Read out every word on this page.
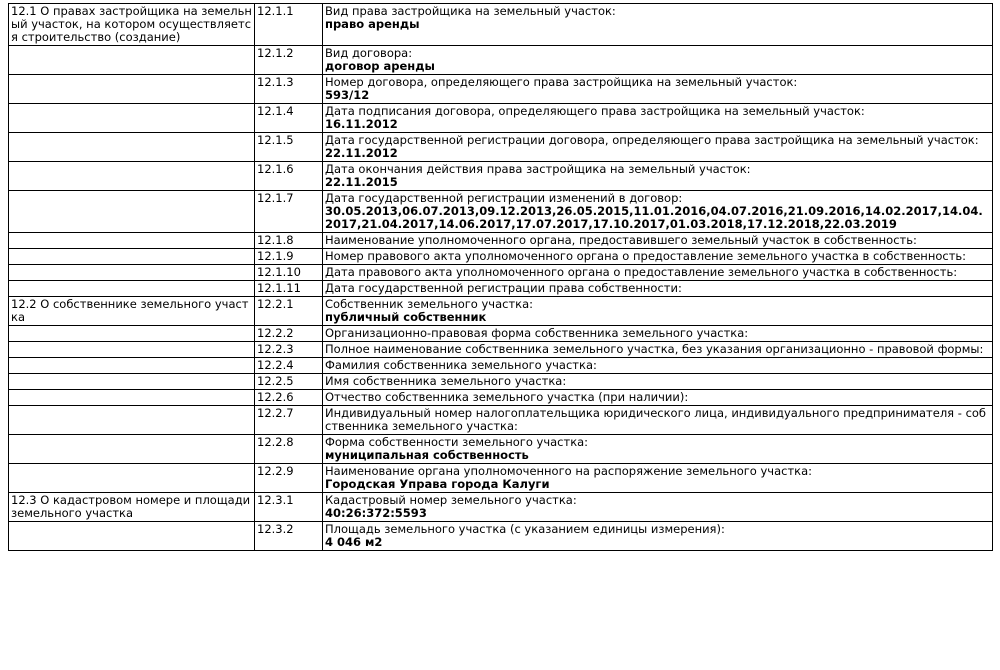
12.1 О правах застройщика на земельный участок, на котором осуществляется строительство (создание)	12.1.1	Вид права застройщика на земельный участок:
право аренды

	12.1.2	Вид договора:
договор аренды

	12.1.3	Номер договора, определяющего права застройщика на земельный участок:
593/12

	12.1.4	Дата подписания договора, определяющего права застройщика на земельный участок:
16.11.2012

	12.1.5	Дата государственной регистрации договора, определяющего права застройщика на земельный участок:
22.11.2012

	12.1.6	Дата окончания действия права застройщика на земельный участок:
22.11.2015

	12.1.7	Дата государственной регистрации изменений в договор:
30.05.2013,06.07.2013,09.12.2013,26.05.2015,11.01.2016,04.07.2016,21.09.2016,14.02.2017,14.04.2017,21.04.2017,14.06.2017,17.07.2017,17.10.2017,01.03.2018,17.12.2018,22.03.2019

	12.1.8	Наименование уполномоченного органа, предоставившего земельный участок в собственность:

	12.1.9	Номер правового акта уполномоченного органа о предоставление земельного участка в собственность:

	12.1.10	Дата правового акта уполномоченного органа о предоставление земельного участка в собственность:

	12.1.11	Дата государственной регистрации права собственности:

12.2 О собственнике земельного участка	12.2.1	Собственник земельного участка:
публичный собственник

	12.2.2	Организационно-правовая форма собственника земельного участка:

	12.2.3	Полное наименование собственника земельного участка, без указания организационно - правовой формы:

	12.2.4	Фамилия собственника земельного участка:

	12.2.5	Имя собственника земельного участка:

	12.2.6	Отчество собственника земельного участка (при наличии):

	12.2.7	Индивидуальный номер налогоплательщика юридического лица, индивидуального предпринимателя - собственника земельного участка:

	12.2.8	Форма собственности земельного участка:
муниципальная собственность

	12.2.9	Наименование органа уполномоченного на распоряжение земельного участка:
Городская Управа города Калуги

12.3 О кадастровом номере и площади земельного участка	12.3.1	Кадастровый номер земельного участка:
40:26:372:5593

	12.3.2	Площадь земельного участка (с указанием единицы измерения):
4 046 м2
